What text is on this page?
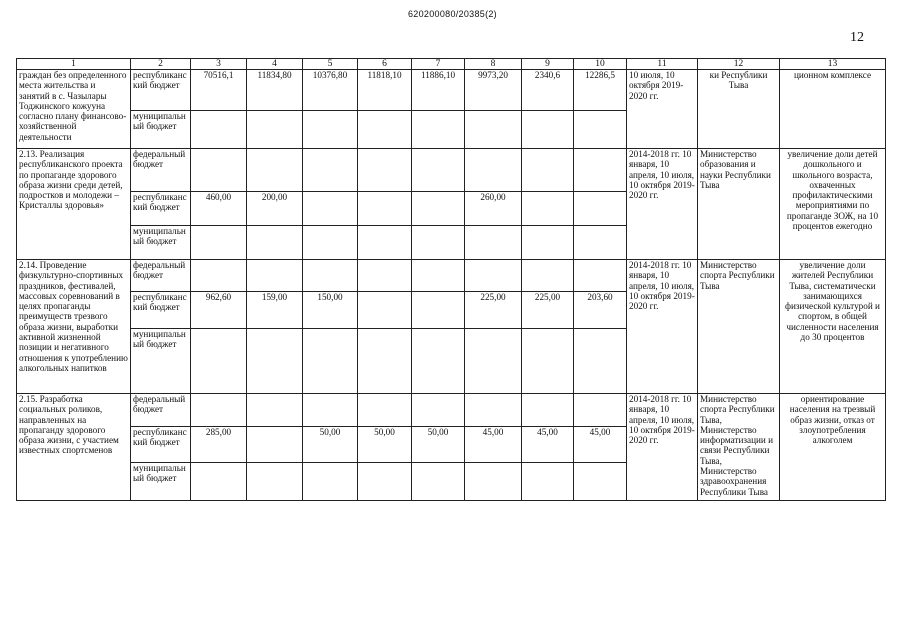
620200080/20385(2)
12
1	2	3	4	5	6	7	8	9	10	11	12	13
граждан без определенного места жительства и занятий в с. Чазылары Тоджинского кожууна согласно плану финансово-хозяйственной деятельности	республиканский бюджет	70516,1	11834,80	10376,80	11818,10	11886,10	9973,20	2340,6	12286,5	10 июля, 10 октября 2019-2020 гг.	ки Республики Тыва	ционном комплексе
	муниципальный бюджет											
2.13. Реализация республиканского проекта по пропаганде здорового образа жизни среди детей, подростков и молодежи – Кристаллы здоровья»	федеральный бюджет									2014-2018 гг. 10 января, 10 апреля, 10 июля, 10 октября 2019-2020 гг.	Министерство образования и науки Республики Тыва	увеличение доли детей дошкольного и школьного возраста, охваченных профилактическими мероприятиями по пропаганде ЗОЖ, на 10 процентов ежегодно
	республиканский бюджет	460,00	200,00				260,00					
	муниципальный бюджет											
2.14. Проведение физкультурно-спортивных праздников, фестивалей, массовых соревнований в целях пропаганды преимуществ трезвого образа жизни, выработки активной жизненной позиции и негативного отношения к употреблению алкогольных напитков	федеральный бюджет									2014-2018 гг. 10 января, 10 апреля, 10 июля, 10 октября 2019-2020 гг.	Министерство спорта Республики Тыва	увеличение доли жителей Республики Тыва, систематически занимающихся физической культурой и спортом, в общей численности населения до 30 процентов
	республиканский бюджет	962,60	159,00	150,00			225,00	225,00	203,60			
	муниципальный бюджет											
2.15. Разработка социальных роликов, направленных на пропаганду здорового образа жизни, с участием известных спортсменов	федеральный бюджет									2014-2018 гг. 10 января, 10 апреля, 10 июля, 10 октября 2019-2020 гг.	Министерство спорта Республики Тыва, Министерство информатизации и связи Республики Тыва, Министерство здравоохранения Республики Тыва	ориентирование населения на трезвый образ жизни, отказ от злоупотребления алкоголем
	республиканский бюджет	285,00		50,00	50,00	50,00	45,00	45,00	45,00			
	муниципальный бюджет											
